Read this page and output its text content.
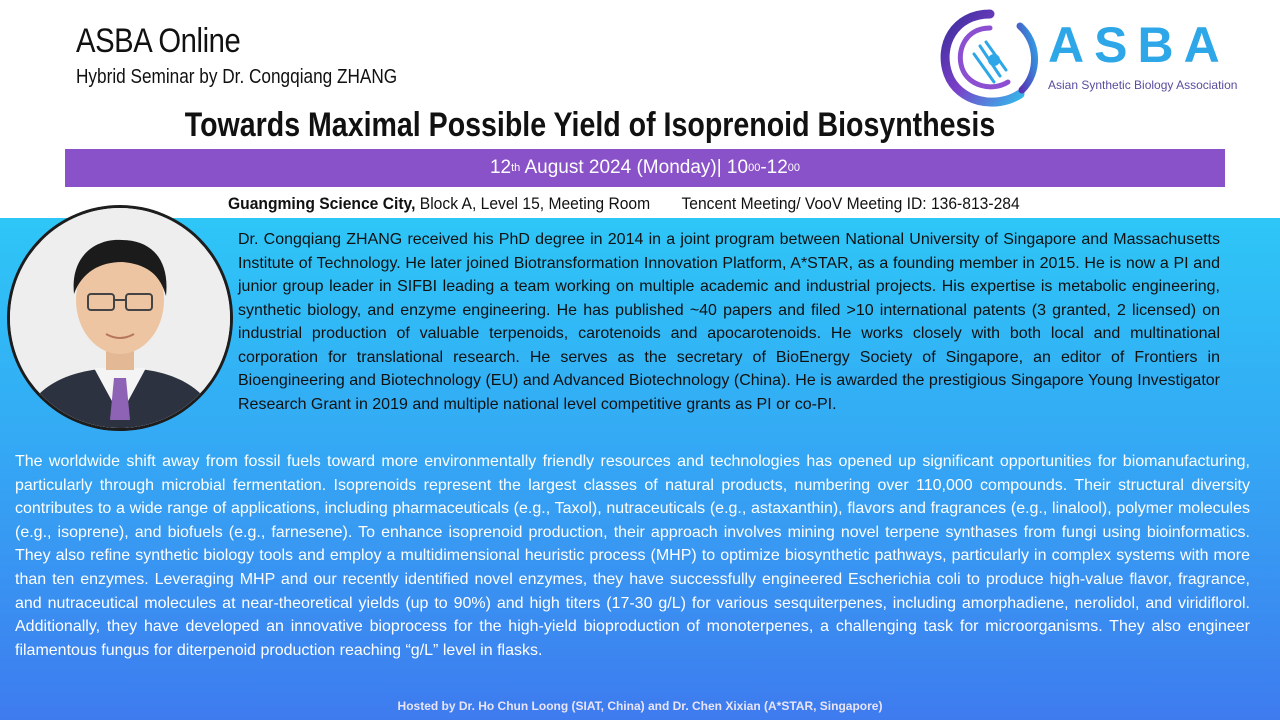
ASBA Online
Hybrid Seminar by Dr. Congqiang ZHANG
ASBA
Asian Synthetic Biology Association
Towards Maximal Possible Yield of Isoprenoid Biosynthesis
12 th August 2024 (Monday)| 10 00 -12 00
Guangming Science City, Block A, Level 15, Meeting Room Tencent Meeting/ VooV Meeting ID: 136-813-284
Dr. Congqiang ZHANG received his PhD degree in 2014 in a joint program between National University of Singapore and Massachusetts Institute of Technology. He later joined Biotransformation Innovation Platform, A*STAR, as a founding member in 2015. He is now a PI and junior group leader in SIFBI leading a team working on multiple academic and industrial projects. His expertise is metabolic engineering, synthetic biology, and enzyme engineering. He has published ~40 papers and filed >10 international patents (3 granted, 2 licensed) on industrial production of valuable terpenoids, carotenoids and apocarotenoids. He works closely with both local and multinational corporation for translational research. He serves as the secretary of BioEnergy Society of Singapore, an editor of Frontiers in Bioengineering and Biotechnology (EU) and Advanced Biotechnology (China). He is awarded the prestigious Singapore Young Investigator Research Grant in 2019 and multiple national level competitive grants as PI or co-PI.
The worldwide shift away from fossil fuels toward more environmentally friendly resources and technologies has opened up significant opportunities for biomanufacturing, particularly through microbial fermentation. Isoprenoids represent the largest classes of natural products, numbering over 110,000 compounds. Their structural diversity contributes to a wide range of applications, including pharmaceuticals (e.g., Taxol), nutraceuticals (e.g., astaxanthin), flavors and fragrances (e.g., linalool), polymer molecules (e.g., isoprene), and biofuels (e.g., farnesene). To enhance isoprenoid production, their approach involves mining novel terpene synthases from fungi using bioinformatics. They also refine synthetic biology tools and employ a multidimensional heuristic process (MHP) to optimize biosynthetic pathways, particularly in complex systems with more than ten enzymes. Leveraging MHP and our recently identified novel enzymes, they have successfully engineered Escherichia coli to produce high-value flavor, fragrance, and nutraceutical molecules at near-theoretical yields (up to 90%) and high titers (17-30 g/L) for various sesquiterpenes, including amorphadiene, nerolidol, and viridiflorol. Additionally, they have developed an innovative bioprocess for the high-yield bioproduction of monoterpenes, a challenging task for microorganisms. They also engineer filamentous fungus for diterpenoid production reaching “g/L” level in flasks.
Hosted by Dr. Ho Chun Loong (SIAT, China) and Dr. Chen Xixian (A*STAR, Singapore)
